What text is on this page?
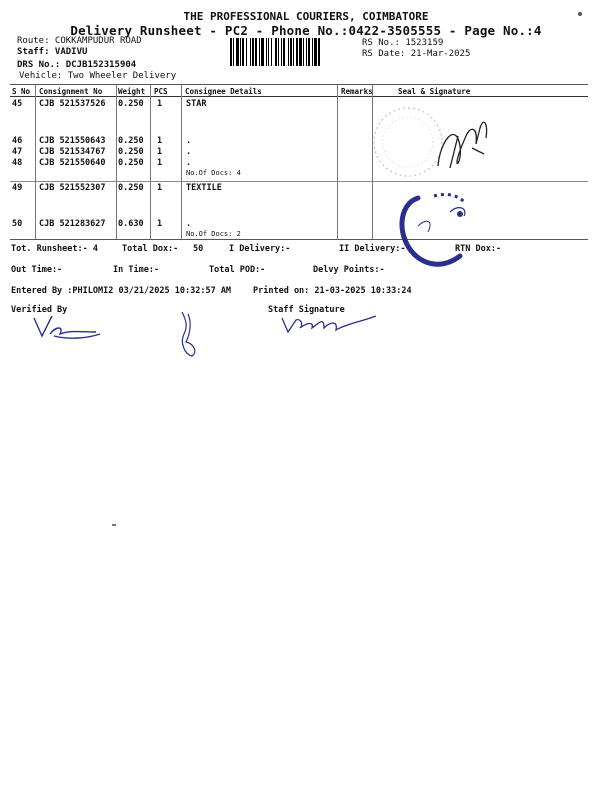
THE PROFESSIONAL COURIERS, COIMBATORE
Delivery Runsheet - PC2 - Phone No.:0422-3505555 - Page No.:4
Route: COKKAMPUDUR ROAD
Staff: VADIVU
DRS No.: DCJB152315904
Vehicle: Two Wheeler Delivery
RS No.: 1523159
RS Date: 21-Mar-2025
S No Consignment No Weight PCS Consignee Details	Remarks	Seal & Signature
45 CJB 521537526 0.250 1	STAR
46 CJB 521550643 0.250 1	.
47 CJB 521534767 0.250 1	.
48 CJB 521550640 0.250 1	.
No.Of Docs: 4
49 CJB 521552307 0.250 1	TEXTILE
50 CJB 521283627 0.630 1	.
No.Of Docs: 2
Tot. Runsheet:- 4	Total Dox:- 50	I Delivery:-	II Delivery:-	RTN Dox:-
Out Time:-	In Time:-	Total POD:-	Delvy Points:-
Entered By :PHILOMI2 03/21/2025 10:32:57 AM	Printed on: 21-03-2025 10:33:24
Verified By	Staff Signature
